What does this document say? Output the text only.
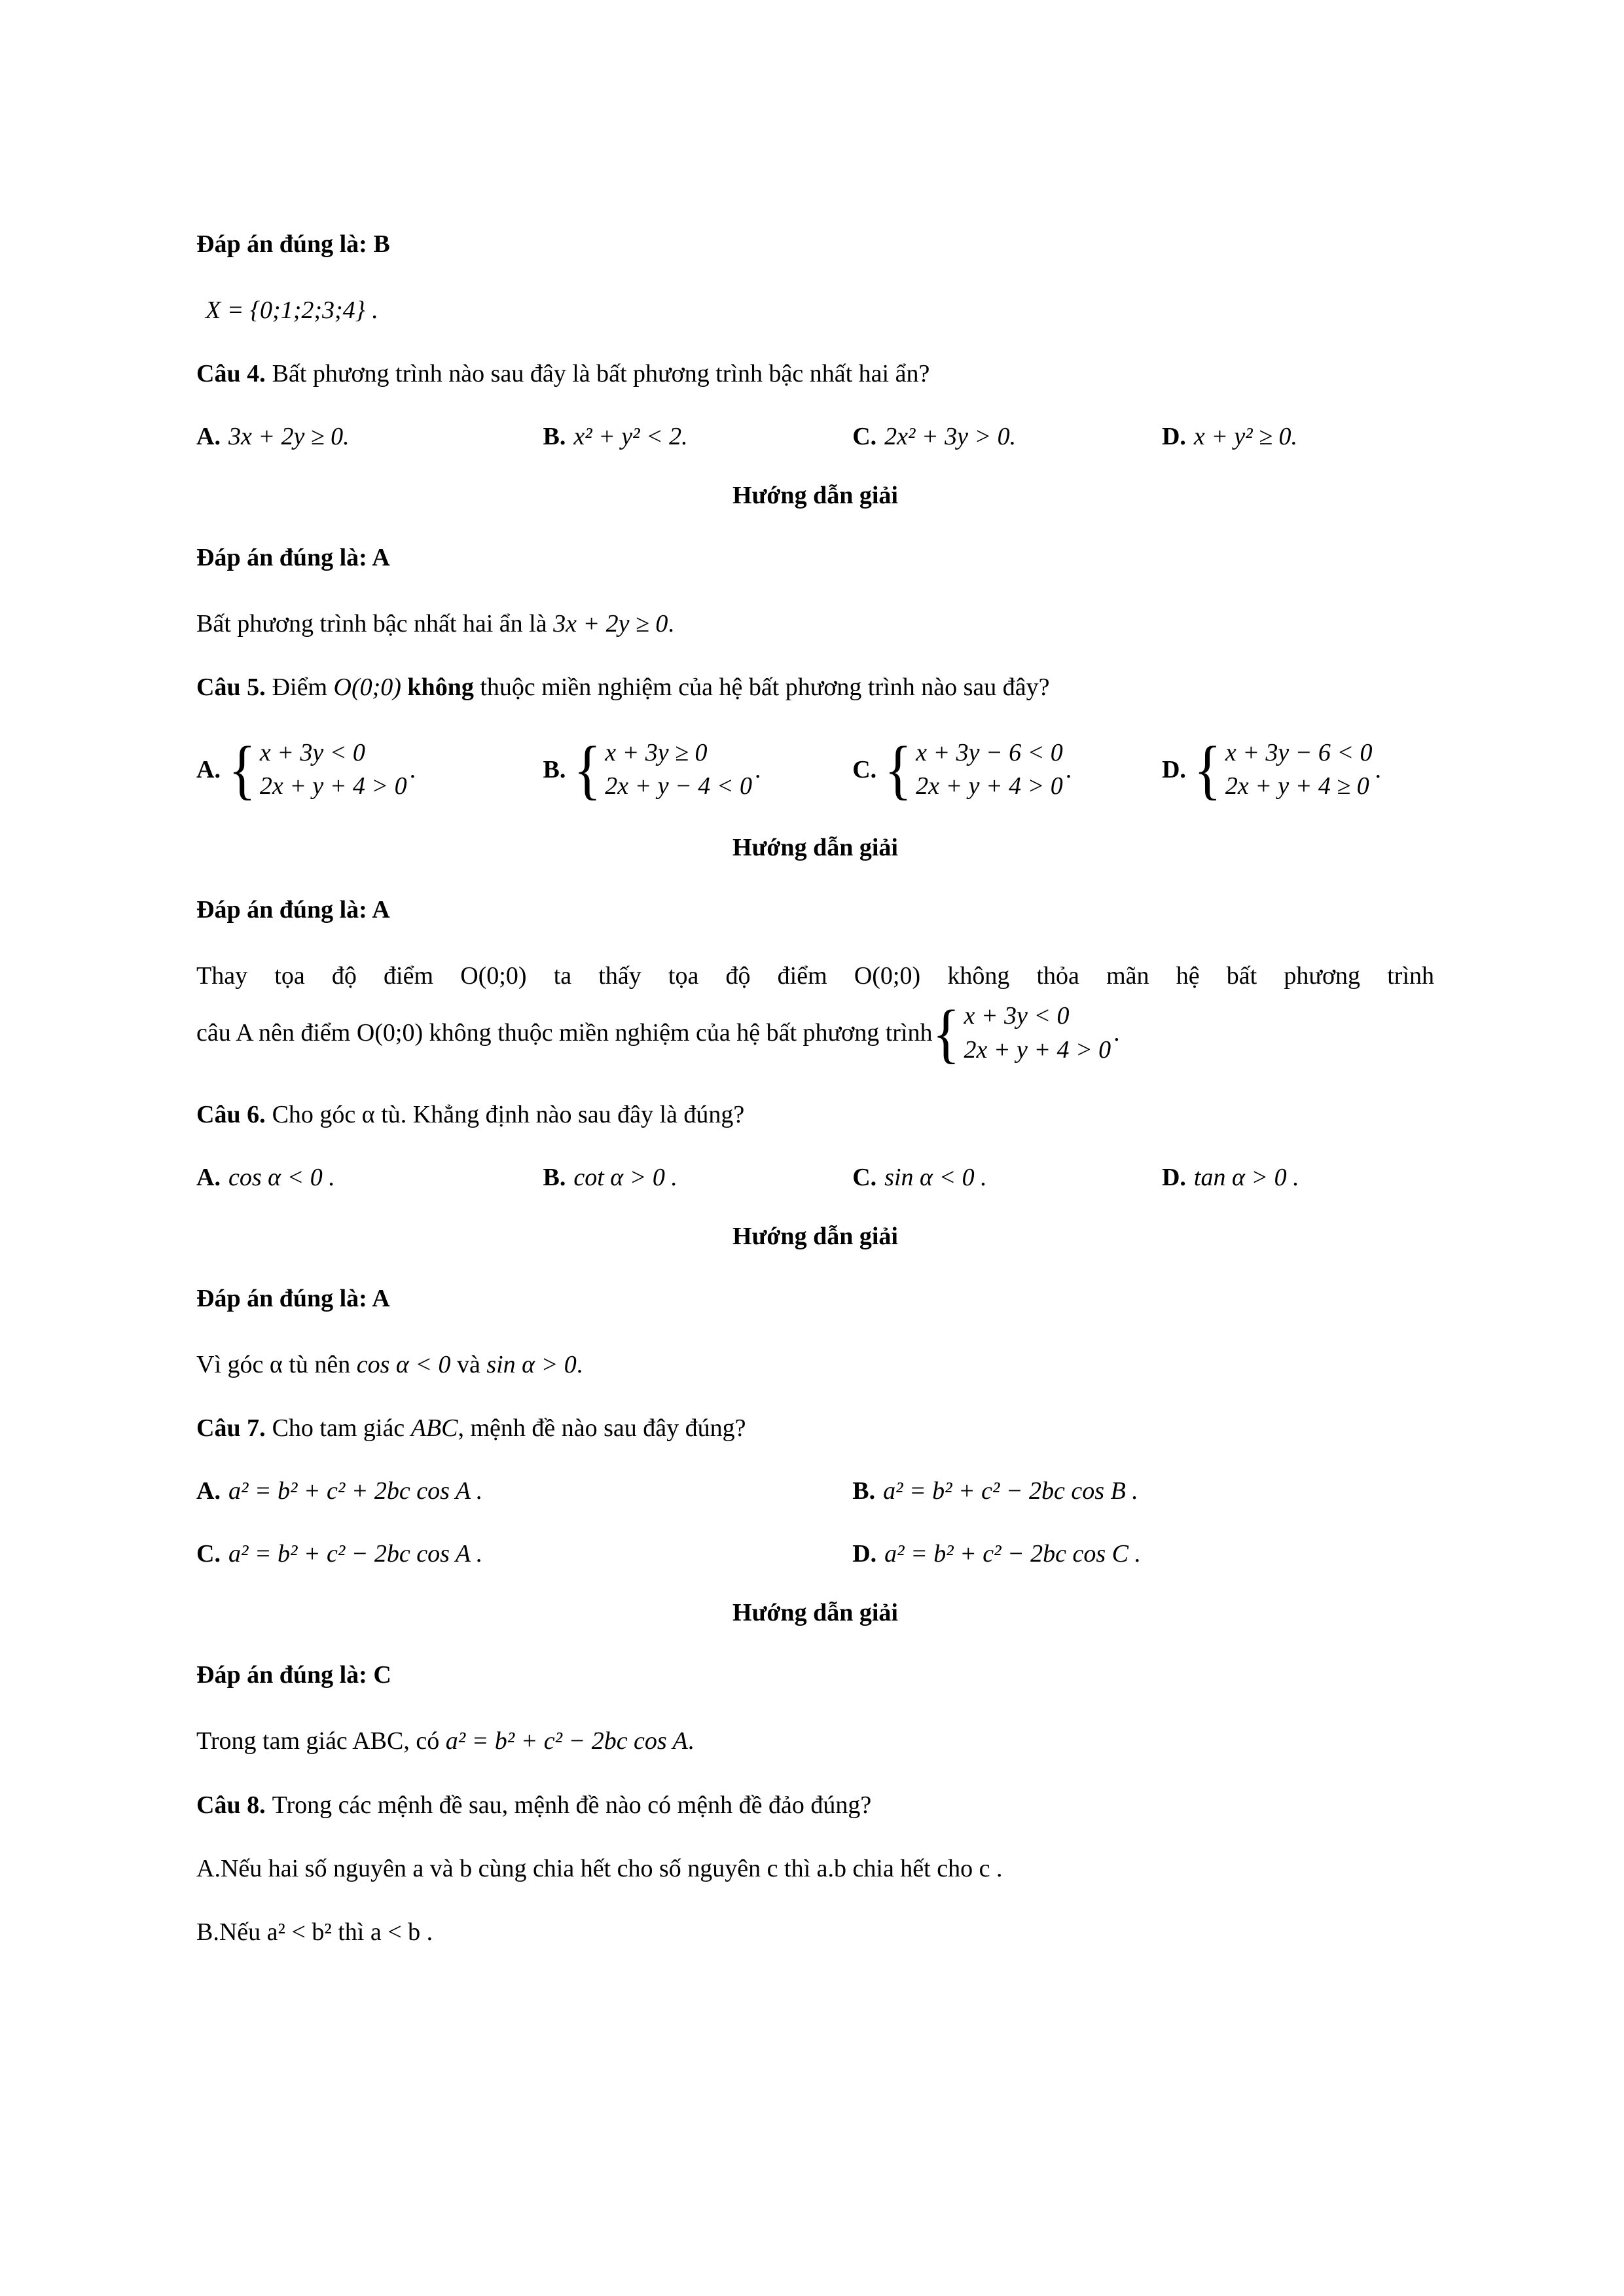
Đáp án đúng là: B
X = {0;1;2;3;4} .
Câu 4. Bất phương trình nào sau đây là bất phương trình bậc nhất hai ẩn?
A. 3x + 2y ≥ 0.	B. x² + y² < 2.	C. 2x² + 3y > 0.	D. x + y² ≥ 0.
Hướng dẫn giải
Đáp án đúng là: A
Bất phương trình bậc nhất hai ẩn là 3x + 2y ≥ 0.
Câu 5. Điểm O(0;0) không thuộc miền nghiệm của hệ bất phương trình nào sau đây?
A. { x + 3y < 0
2x + y + 4 > 0
.	B. { x + 3y ≥ 0
2x + y − 4 < 0
.	C. { x + 3y − 6 < 0
2x + y + 4 > 0
.	D. { x + 3y − 6 < 0
2x + y + 4 ≥ 0
.
Hướng dẫn giải
Đáp án đúng là: A
Thay tọa độ điểm O(0;0) ta thấy tọa độ điểm O(0;0) không thỏa mãn hệ bất phương trình
câu A nên điểm O(0;0) không thuộc miền nghiệm của hệ bất phương trình { x + 3y < 0
2x + y + 4 > 0
.
Câu 6. Cho góc α tù. Khẳng định nào sau đây là đúng?
A. cos α < 0 .	B. cot α > 0 .	C. sin α < 0 .	D. tan α > 0 .
Hướng dẫn giải
Đáp án đúng là: A
Vì góc α tù nên cos α < 0 và sin α > 0.
Câu 7. Cho tam giác ABC, mệnh đề nào sau đây đúng?
A. a² = b² + c² + 2bc cos A .	B. a² = b² + c² − 2bc cos B .
C. a² = b² + c² − 2bc cos A .	D. a² = b² + c² − 2bc cos C .
Hướng dẫn giải
Đáp án đúng là: C
Trong tam giác ABC, có a² = b² + c² − 2bc cos A.
Câu 8. Trong các mệnh đề sau, mệnh đề nào có mệnh đề đảo đúng?
A.Nếu hai số nguyên a và b cùng chia hết cho số nguyên c thì a.b chia hết cho c .
B.Nếu a² < b² thì a < b .
